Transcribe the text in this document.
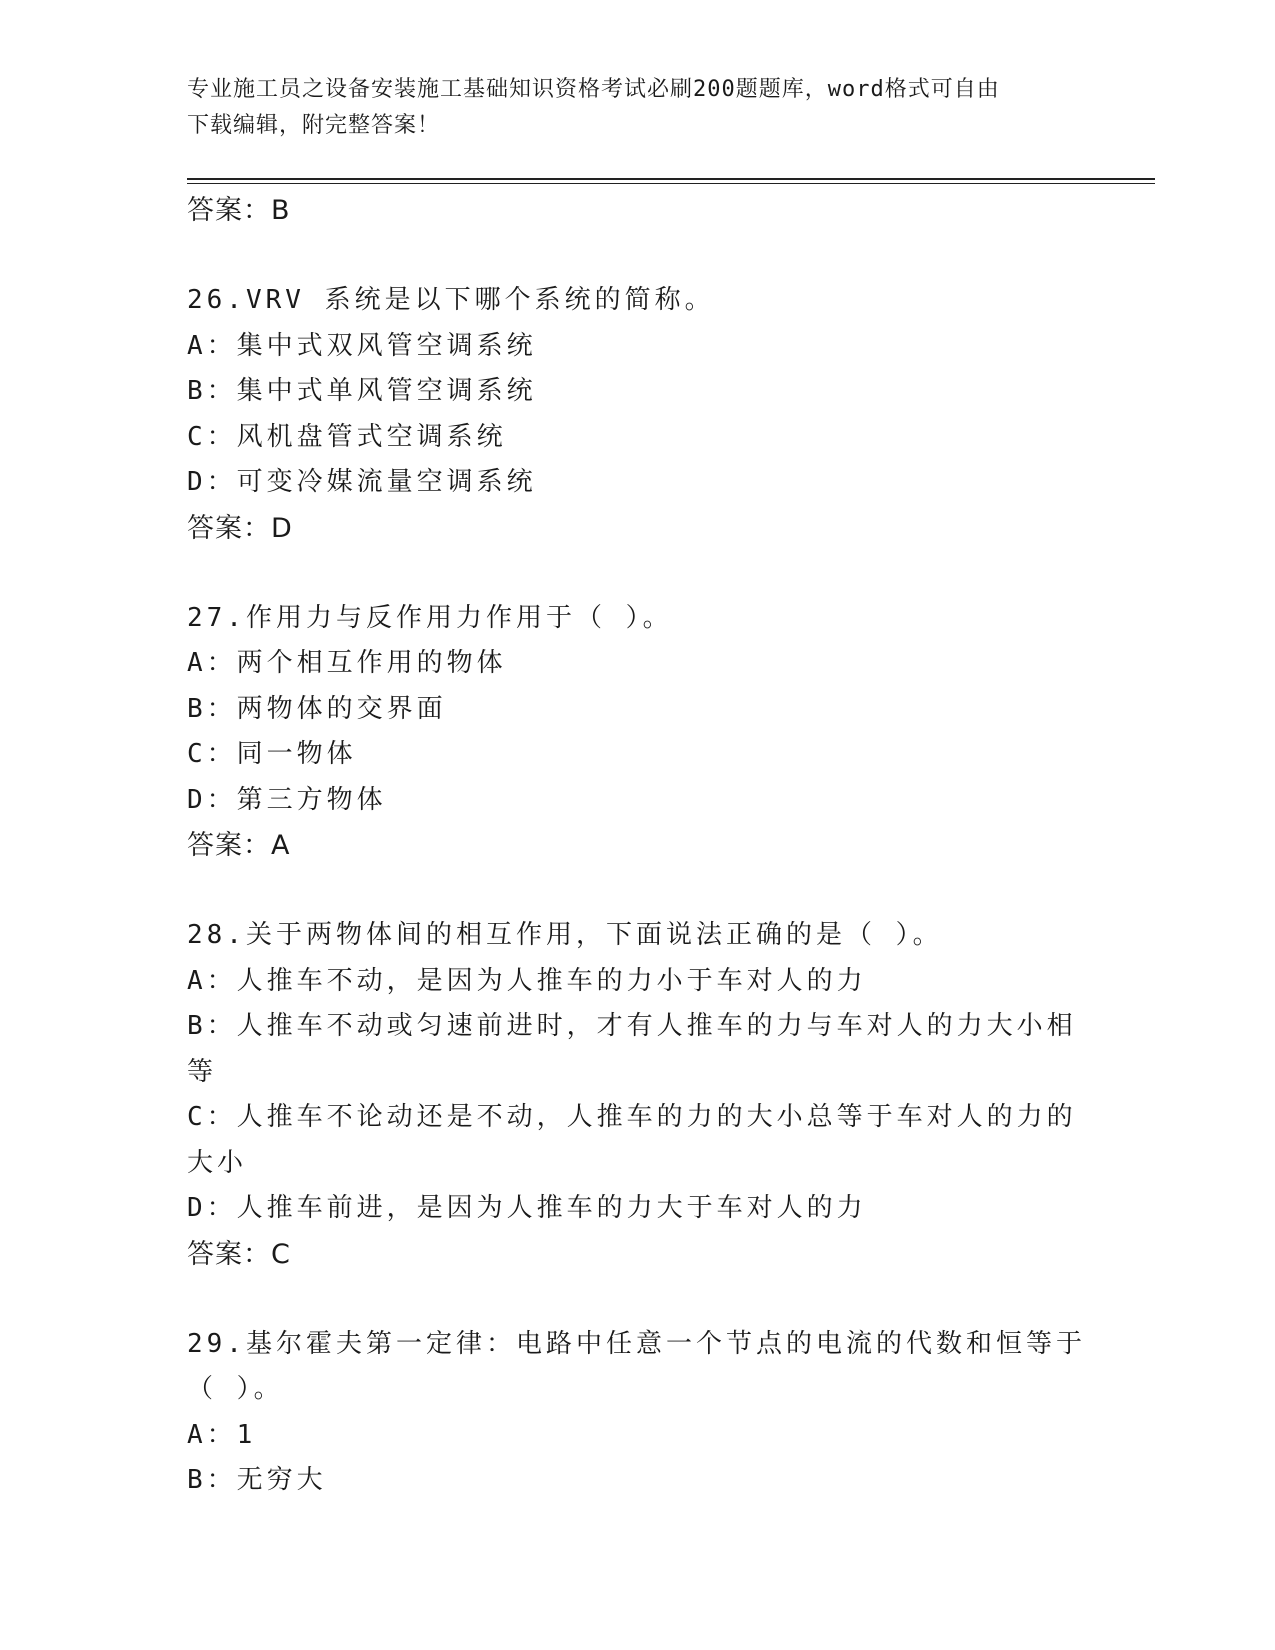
专业施工员之设备安装施工基础知识资格考试必刷200题题库，word格式可自由
下载编辑，附完整答案！
答案：B
26.VRV 系统是以下哪个系统的简称。
A：集中式双风管空调系统
B：集中式单风管空调系统
C：风机盘管式空调系统
D：可变冷媒流量空调系统
答案：D
27.作用力与反作用力作用于（ ）。
A：两个相互作用的物体
B：两物体的交界面
C：同一物体
D：第三方物体
答案：A
28.关于两物体间的相互作用，下面说法正确的是（ ）。
A：人推车不动，是因为人推车的力小于车对人的力
B：人推车不动或匀速前进时，才有人推车的力与车对人的力大小相等
C：人推车不论动还是不动，人推车的力的大小总等于车对人的力的大小
D：人推车前进，是因为人推车的力大于车对人的力
答案：C
29.基尔霍夫第一定律：电路中任意一个节点的电流的代数和恒等于（ ）。
A：1
B：无穷大
